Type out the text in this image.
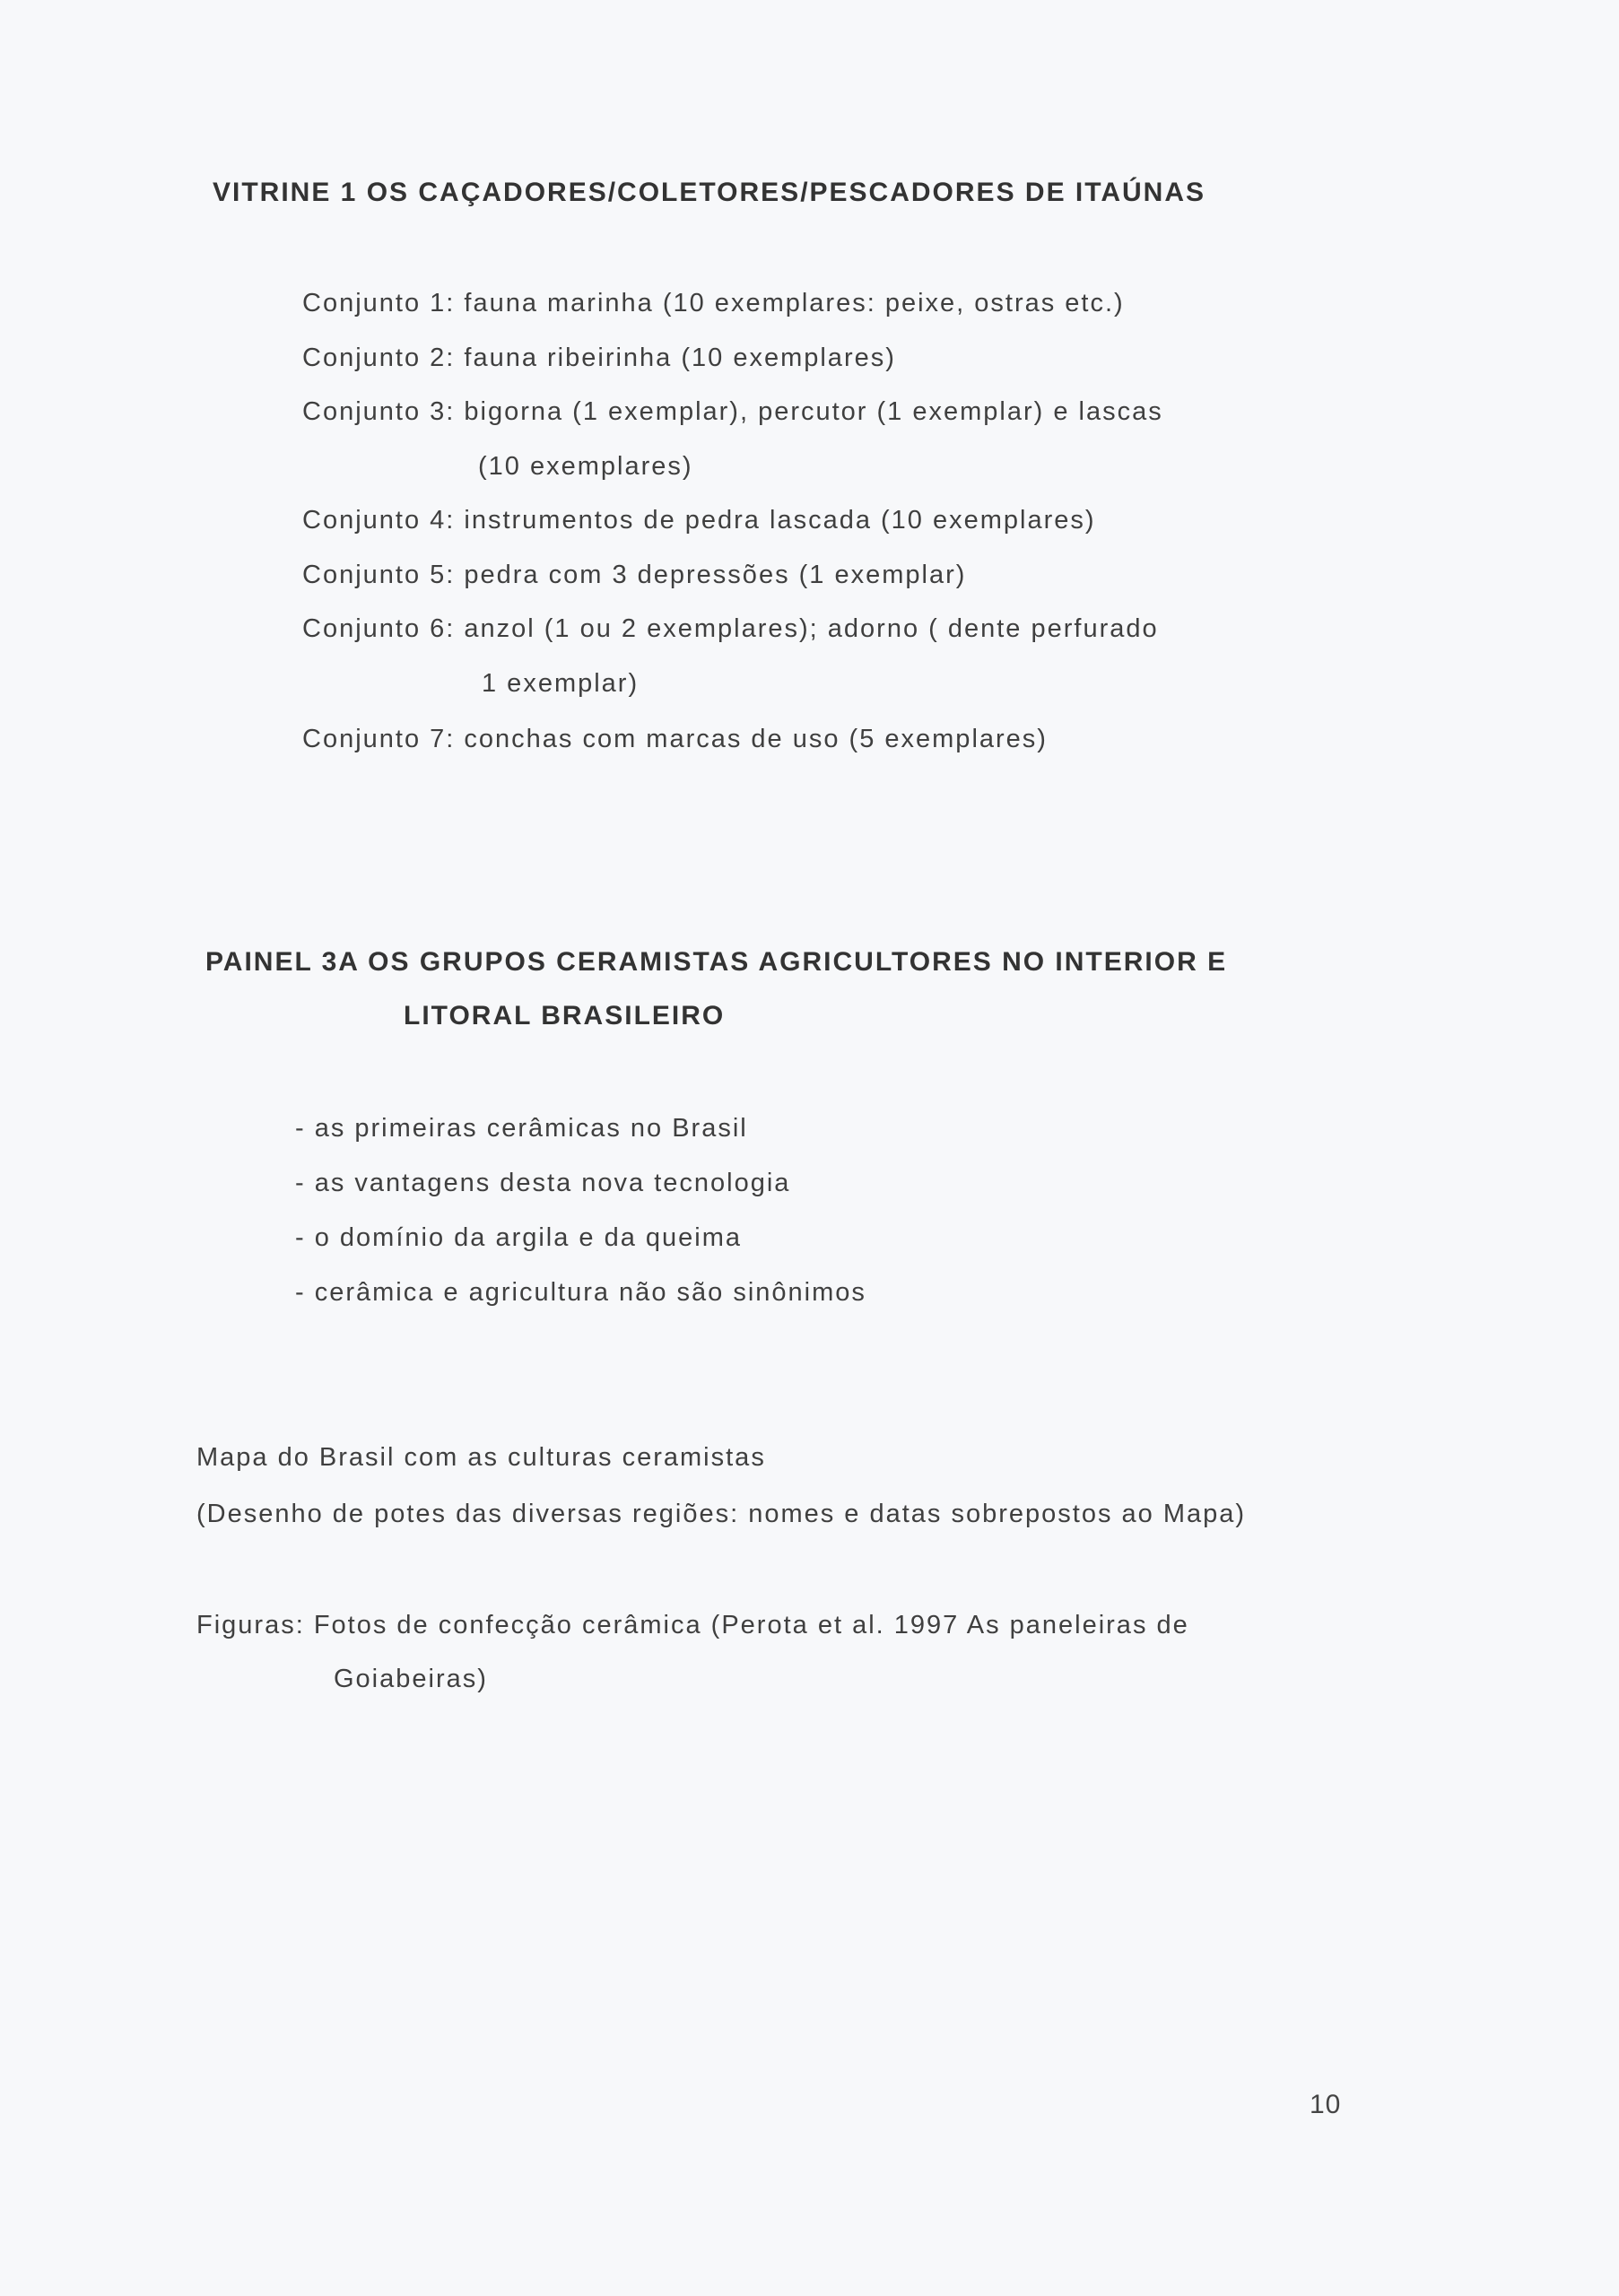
VITRINE 1 OS CAÇADORES/COLETORES/PESCADORES DE ITAÚNAS

Conjunto 1: fauna marinha (10 exemplares: peixe, ostras etc.)

Conjunto 2: fauna ribeirinha (10 exemplares)

Conjunto 3: bigorna (1 exemplar), percutor (1 exemplar) e lascas

(10 exemplares)

Conjunto 4: instrumentos de pedra lascada (10 exemplares)

Conjunto 5: pedra com 3 depressões (1 exemplar)

Conjunto 6: anzol (1 ou 2 exemplares); adorno ( dente perfurado

1 exemplar)

Conjunto 7: conchas com marcas de uso (5 exemplares)

PAINEL 3A OS GRUPOS CERAMISTAS AGRICULTORES NO INTERIOR E
LITORAL BRASILEIRO

- as primeiras cerâmicas no Brasil

- as vantagens desta nova tecnologia

- o domínio da argila e da queima

- cerâmica e agricultura não são sinônimos

Mapa do Brasil com as culturas ceramistas

(Desenho de potes das diversas regiões: nomes e datas sobrepostos ao Mapa)

Figuras: Fotos de confecção cerâmica (Perota et al. 1997 As paneleiras de

Goiabeiras)

10
